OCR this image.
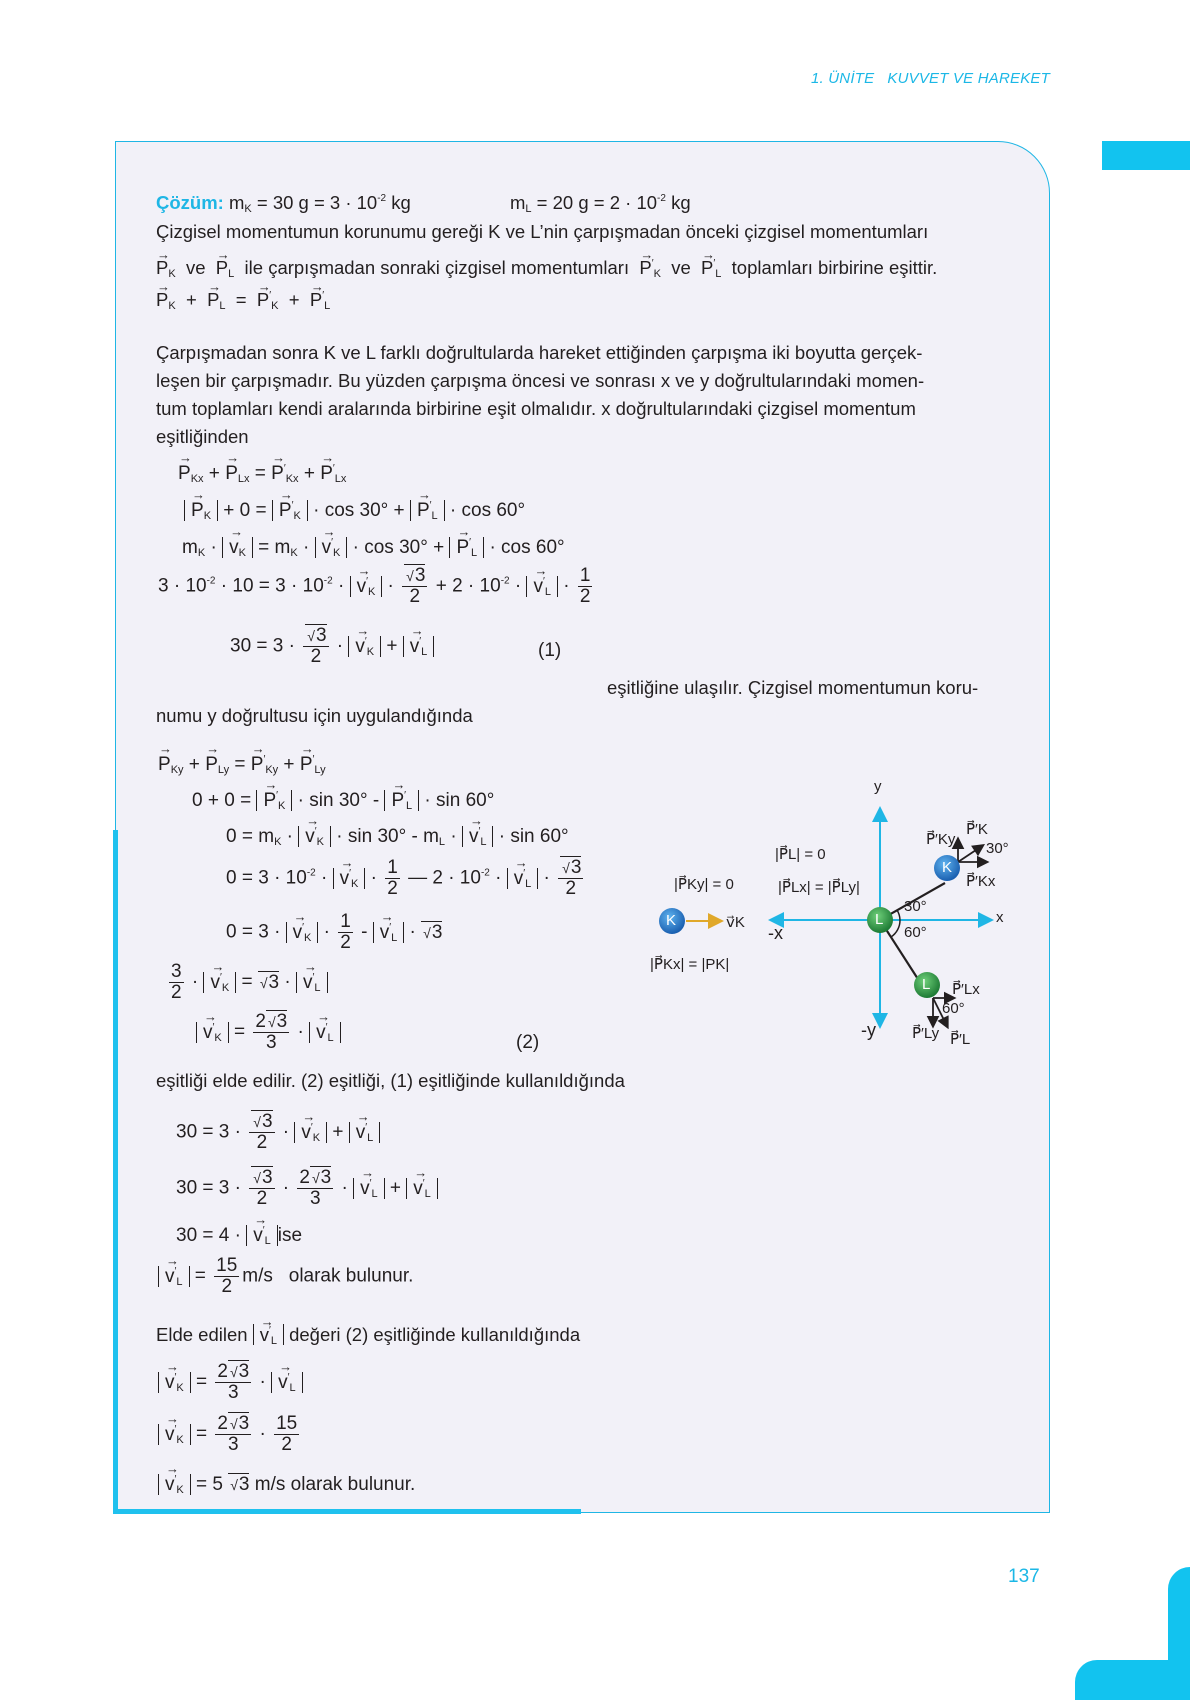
1. ÜNİTE KUVVET VE HAREKET
Çözüm: $m_K = 30$ $g = 3 \cdot 10^{-2}$ kg	$m_L = 20$ $g = 2 \cdot 10^{-2}$ kg
Çizgisel momentumun korunumu gereği K ve L’nin çarpışmadan önceki çizgisel momentumları
→ $P_K$ ve → $P_L$ ile çarpışmadan sonraki çizgisel momentumları → $P'_K$ ve → $P'_L$ toplamları birbirine eşittir.
→ $P_K$  +  → $P_L$  =  → $P'_K$  +  → $P'_L$
Çarpışmadan sonra K ve L farklı doğrultularda hareket ettiğinden çarpışma iki boyutta gerçek-
leşen bir çarpışmadır. Bu yüzden çarpışma öncesi ve sonrası x ve y doğrultularındaki momen-
tum toplamları kendi aralarında birbirine eşit olmalıdır. x doğrultularındaki çizgisel momentum
eşitliğinden
→ $P_{Kx}$ + → $P_{Lx}$ = → $P'_{Kx}$ + → $P'_{Lx}$
→ $P_K + 0$ = → $P'_K \cdot \cos 30^\circ$ + → $P'_L \cdot \cos 60^\circ$
$m_K$ · → $v_K = m_K$ · → $v'_K \cdot \cos 30^\circ$ + → $P'_L \cdot \cos 60^\circ$
$3 \cdot 10^{-2} \cdot 10 = 3 \cdot 10^{-2}$ · → $v'_K$ · √ $\frac{3}{2} + 2 \cdot 10^{-2}$ · → $v'_L \cdot \frac{1}{2}$
30 = 3 · √ $\frac{3}{2}$ · → $v'_K$ + → $v'_L$	(1)
eşitliğine ulaşılır. Çizgisel momentumun koru-
numu y doğrultusu için uygulandığında
→ $P_{Ky}$ + → $P_{Ly}$ = → $P'_{Ky}$ + → $P'_{Ly}$
0 + 0 = → $P'_K \cdot \sin 30^\circ$ - → $P'_L \cdot \sin 60^\circ$
$0 = m_K$ · → $v'_K \cdot \sin 30^\circ - m_L$ · → $v'_L \cdot \sin 60^\circ$
$0 = 3 \cdot 10^{-2}$ · → $v'_K \cdot \frac{1}{2}$ — $2 \cdot 10^{-2}$ · → $v'_L$ · √ $\frac{3}{2}$
0 = 3 · → $v'_K \cdot \frac{1}{2}$ - → $v'_L$ · √ 3
$\frac{3}{2}$ · → $v'_K$ = √ 3 · → $v'_L$
→ $v'_K = \frac{2 √ 3}{3}$ · → $v'_L$	(2)
eşitliği elde edilir. (2) eşitliği, (1) eşitliğinde kullanıldığında
30 = 3 · √ $\frac{3}{2}$ · → $v'_K$ + → $v'_L$
30 = 3 · √ $\frac{3}{2} \cdot \frac{2 √ 3}{3}$ · → $v'_L$ + → $v'_L$
30 = 4 · → $v'_L$ ise
→ $v'_L = \frac{15}{2} m/s$ olarak bulunur.
Elde edilen → $v'_L$ değeri (2) eşitliğinde kullanıldığında
→ $v'_K = \frac{2 √ 3}{3}$ · → $v'_L$
→ $v'_K = \frac{2 √ 3}{3} \cdot \frac{15}{2}$
→ $v'_K = 5$ √ 3 m/s olarak bulunur.
y
x
-x
-y
K	v⃗K
|P⃗Ky| = 0
|P⃗Kx| = |PK|
|P⃗L| = 0
|P⃗Lx| = |P⃗Ly|
L
30°
60°
K
P⃗′K
P⃗′Ky
P⃗′Kx
30°
L P⃗′Lx
P⃗′Ly P⃗′L
60°
137
